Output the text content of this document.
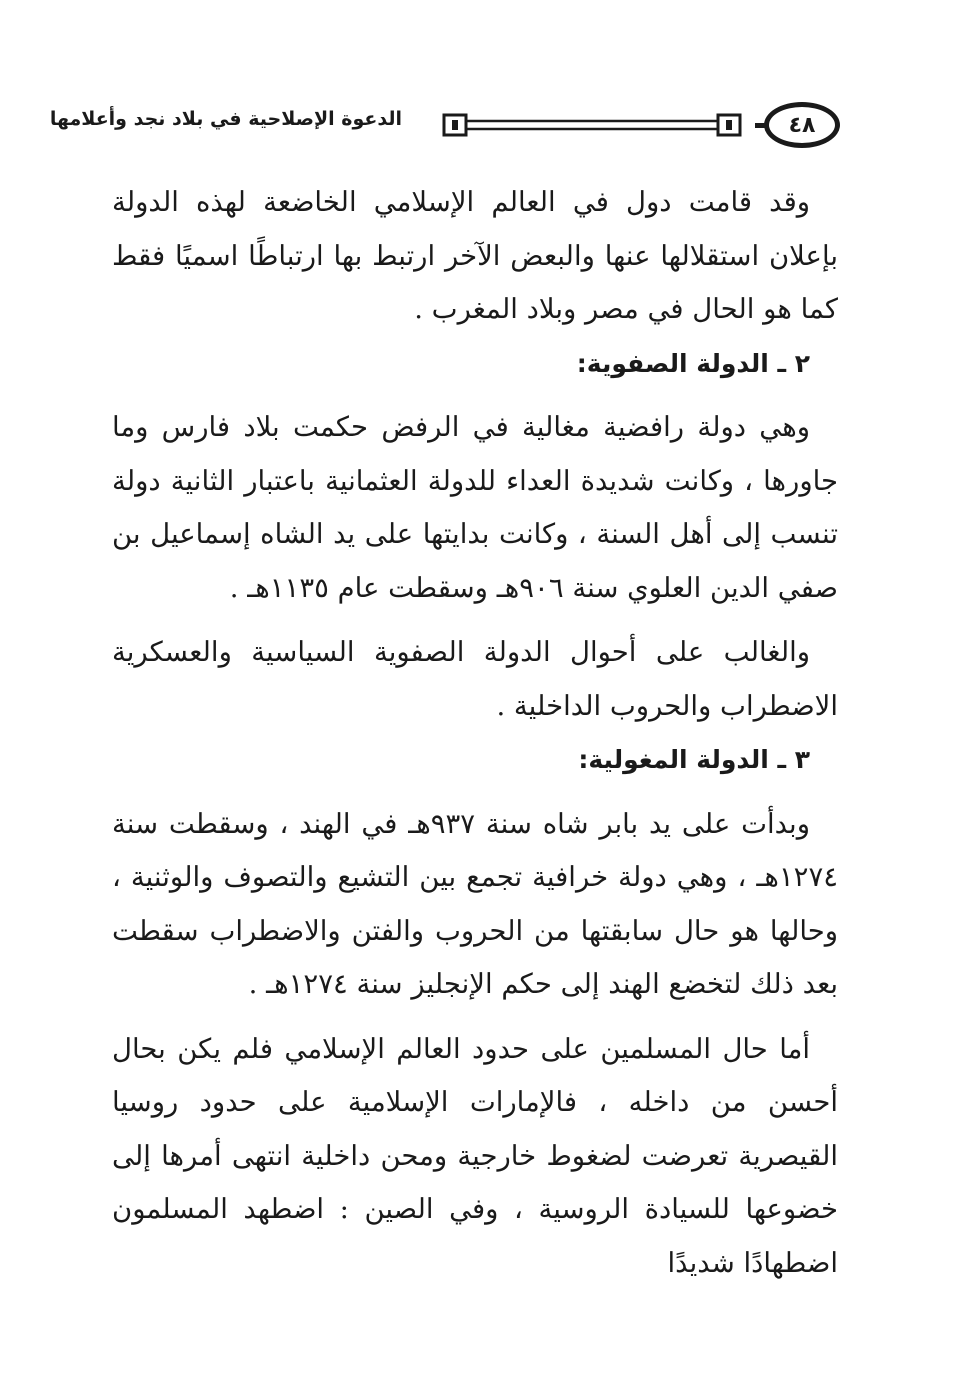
٤٨
الدعوة الإصلاحية في بلاد نجد وأعلامها

وقد قامت دول في العالم الإسلامي الخاضعة لهذه الدولة بإعلان استقلالها عنها والبعض الآخر ارتبط بها ارتباطًا اسميًا فقط كما هو الحال في مصر وبلاد المغرب .

٢ ـ الدولة الصفوية:

وهي دولة رافضية مغالية في الرفض حكمت بلاد فارس وما جاورها ، وكانت شديدة العداء للدولة العثمانية باعتبار الثانية دولة تنسب إلى أهل السنة ، وكانت بدايتها على يد الشاه إسماعيل بن صفي الدين العلوي سنة ٩٠٦هـ وسقطت عام ١١٣٥هـ .

والغالب على أحوال الدولة الصفوية السياسية والعسكرية الاضطراب والحروب الداخلية .

٣ ـ الدولة المغولية:

وبدأت على يد بابر شاه سنة ٩٣٧هـ في الهند ، وسقطت سنة ١٢٧٤هـ ، وهي دولة خرافية تجمع بين التشيع والتصوف والوثنية ، وحالها هو حال سابقتها من الحروب والفتن والاضطراب سقطت بعد ذلك لتخضع الهند إلى حكم الإنجليز سنة ١٢٧٤هـ .

أما حال المسلمين على حدود العالم الإسلامي فلم يكن بحال أحسن من داخله ، فالإمارات الإسلامية على حدود روسيا القيصرية تعرضت لضغوط خارجية ومحن داخلية انتهى أمرها إلى خضوعها للسيادة الروسية ، وفي الصين : اضطهد المسلمون اضطهادًا شديدًا
